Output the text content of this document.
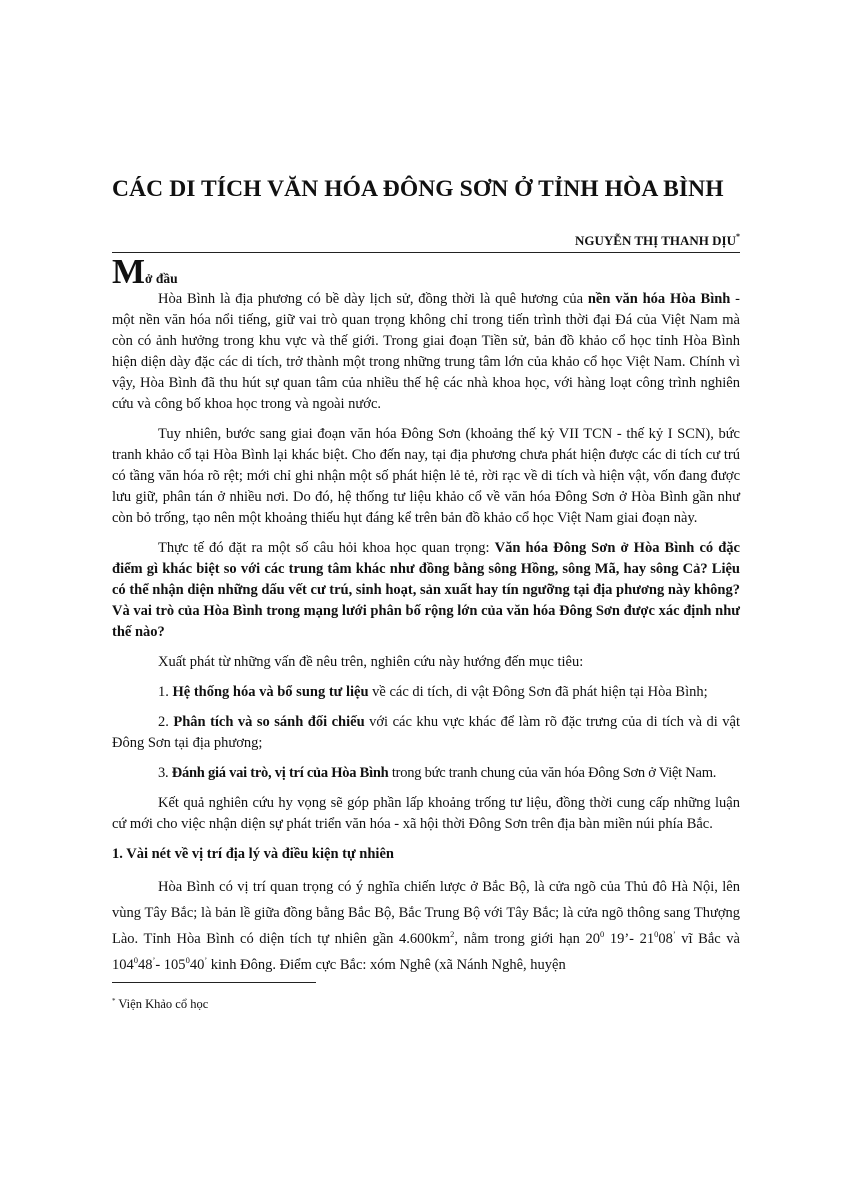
CÁC DI TÍCH VĂN HÓA ĐÔNG SƠN Ở TỈNH HÒA BÌNH
NGUYỄN THỊ THANH DỊU*
Mở đầu

Hòa Bình là địa phương có bề dày lịch sử, đồng thời là quê hương của nền văn hóa Hòa Bình - một nền văn hóa nổi tiếng, giữ vai trò quan trọng không chỉ trong tiến trình thời đại Đá của Việt Nam mà còn có ảnh hưởng trong khu vực và thế giới. Trong giai đoạn Tiền sử, bản đồ khảo cổ học tỉnh Hòa Bình hiện diện dày đặc các di tích, trở thành một trong những trung tâm lớn của khảo cổ học Việt Nam. Chính vì vậy, Hòa Bình đã thu hút sự quan tâm của nhiều thế hệ các nhà khoa học, với hàng loạt công trình nghiên cứu và công bố khoa học trong và ngoài nước.

Tuy nhiên, bước sang giai đoạn văn hóa Đông Sơn (khoảng thế kỷ VII TCN - thế kỷ I SCN), bức tranh khảo cổ tại Hòa Bình lại khác biệt. Cho đến nay, tại địa phương chưa phát hiện được các di tích cư trú có tầng văn hóa rõ rệt; mới chỉ ghi nhận một số phát hiện lẻ tẻ, rời rạc về di tích và hiện vật, vốn đang được lưu giữ, phân tán ở nhiều nơi. Do đó, hệ thống tư liệu khảo cổ về văn hóa Đông Sơn ở Hòa Bình gần như còn bỏ trống, tạo nên một khoảng thiếu hụt đáng kể trên bản đồ khảo cổ học Việt Nam giai đoạn này.

Thực tế đó đặt ra một số câu hỏi khoa học quan trọng: Văn hóa Đông Sơn ở Hòa Bình có đặc điểm gì khác biệt so với các trung tâm khác như đồng bằng sông Hồng, sông Mã, hay sông Cả? Liệu có thể nhận diện những dấu vết cư trú, sinh hoạt, sản xuất hay tín ngưỡng tại địa phương này không? Và vai trò của Hòa Bình trong mạng lưới phân bố rộng lớn của văn hóa Đông Sơn được xác định như thế nào?

Xuất phát từ những vấn đề nêu trên, nghiên cứu này hướng đến mục tiêu:

1. Hệ thống hóa và bổ sung tư liệu về các di tích, di vật Đông Sơn đã phát hiện tại Hòa Bình;

2. Phân tích và so sánh đối chiếu với các khu vực khác để làm rõ đặc trưng của di tích và di vật Đông Sơn tại địa phương;

3. Đánh giá vai trò, vị trí của Hòa Bình trong bức tranh chung của văn hóa Đông Sơn ở Việt Nam.

Kết quả nghiên cứu hy vọng sẽ góp phần lấp khoảng trống tư liệu, đồng thời cung cấp những luận cứ mới cho việc nhận diện sự phát triển văn hóa - xã hội thời Đông Sơn trên địa bàn miền núi phía Bắc.

1. Vài nét về vị trí địa lý và điều kiện tự nhiên

Hòa Bình có vị trí quan trọng có ý nghĩa chiến lược ở Bắc Bộ, là cửa ngõ của Thủ đô Hà Nội, lên vùng Tây Bắc; là bản lề giữa đồng bằng Bắc Bộ, Bắc Trung Bộ với Tây Bắc; là cửa ngõ thông sang Thượng Lào. Tỉnh Hòa Bình có diện tích tự nhiên gần $4.600km^2$, nằm trong giới hạn $20^0$ 19’- $21^008^’$ vĩ Bắc và $104^048^’-$ $105^040^’$ kinh Đông. Điểm cực Bắc: xóm Nghê (xã Nánh Nghê, huyện

* Viện Khảo cổ học
